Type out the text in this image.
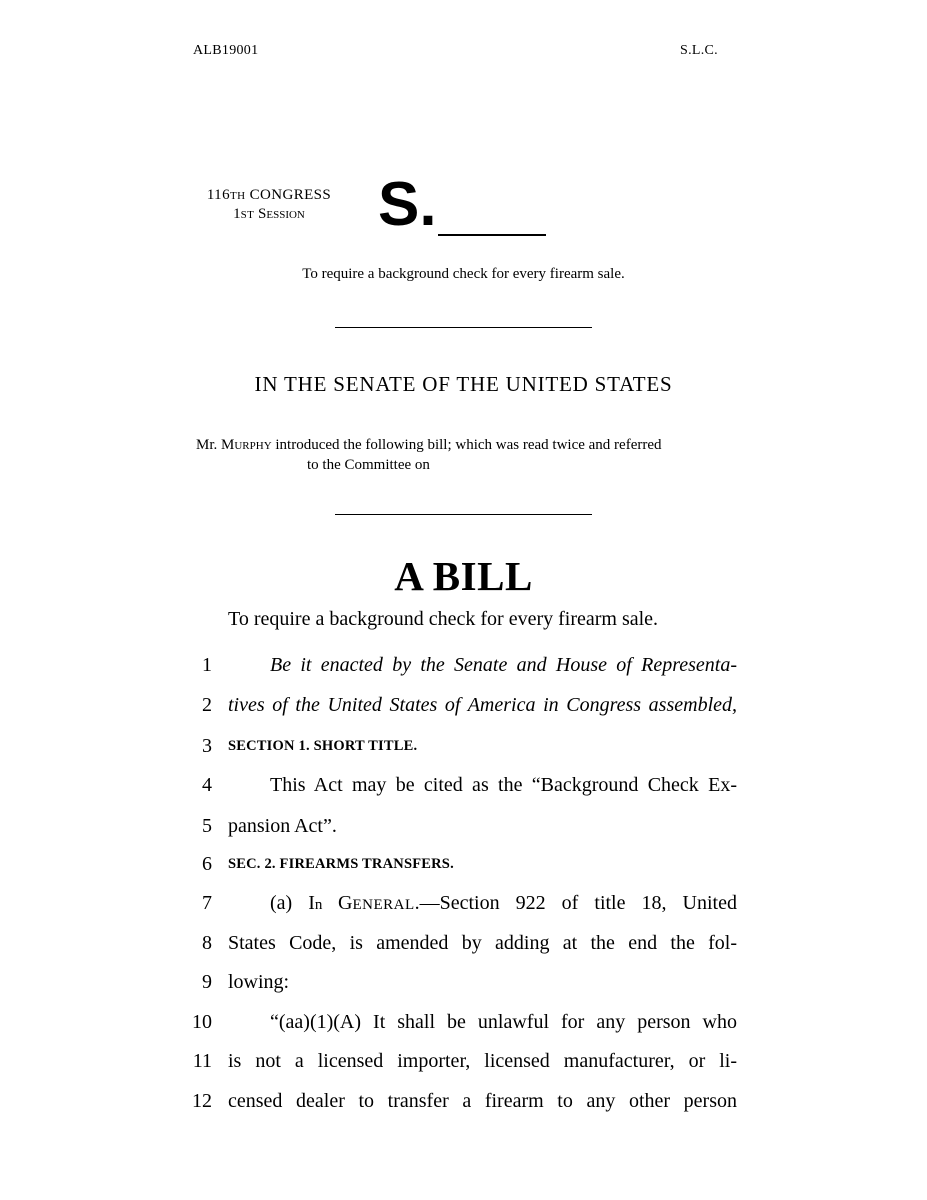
ALB19001	S.L.C.
116TH CONGRESS
1ST Session	S.
To require a background check for every firearm sale.
IN THE SENATE OF THE UNITED STATES
Mr. Murphy introduced the following bill; which was read twice and referred
to the Committee on
A BILL
To require a background check for every firearm sale.
1	Be it enacted by the Senate and House of Representa-
2 tives of the United States of America in Congress assembled,
3 SECTION 1. SHORT TITLE.
4	This Act may be cited as the “Background Check Ex-
5 pansion Act”.
6 SEC. 2. FIREARMS TRANSFERS.
7	(a) In GENERAL.—Section 922 of title 18, United
8 States Code, is amended by adding at the end the fol-
9 lowing:
10	“(aa)(1)(A) It shall be unlawful for any person who
11 is not a licensed importer, licensed manufacturer, or li-
12 censed dealer to transfer a firearm to any other person
